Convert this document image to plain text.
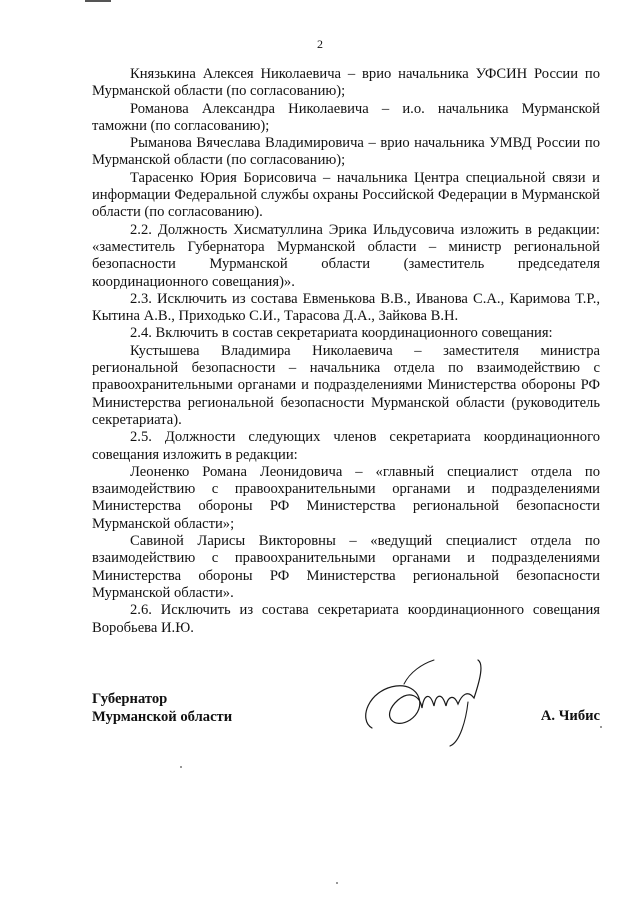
2

Князькина Алексея Николаевича – врио начальника УФСИН России по Мурманской области (по согласованию);

Романова Александра Николаевича – и.о. начальника Мурманской таможни (по согласованию);

Рыманова Вячеслава Владимировича – врио начальника УМВД России по Мурманской области (по согласованию);

Тарасенко Юрия Борисовича – начальника Центра специальной связи и информации Федеральной службы охраны Российской Федерации в Мурманской области (по согласованию).

2.2. Должность Хисматуллина Эрика Ильдусовича изложить в редакции: «заместитель Губернатора Мурманской области – министр региональной безопасности Мурманской области (заместитель председателя координационного совещания)».

2.3. Исключить из состава Евменькова В.В., Иванова С.А., Каримова Т.Р., Кытина А.В., Приходько С.И., Тарасова Д.А., Зайкова В.Н.

2.4. Включить в состав секретариата координационного совещания:

Кустышева Владимира Николаевича – заместителя министра региональной безопасности – начальника отдела по взаимодействию с правоохранительными органами и подразделениями Министерства обороны РФ Министерства региональной безопасности Мурманской области (руководитель секретариата).

2.5. Должности следующих членов секретариата координационного совещания изложить в редакции:

Леоненко Романа Леонидовича – «главный специалист отдела по взаимодействию с правоохранительными органами и подразделениями Министерства обороны РФ Министерства региональной безопасности Мурманской области»;

Савиной Ларисы Викторовны – «ведущий специалист отдела по взаимодействию с правоохранительными органами и подразделениями Министерства обороны РФ Министерства региональной безопасности Мурманской области».

2.6. Исключить из состава секретариата координационного совещания Воробьева И.Ю.

Губернатор
Мурманской области	А. Чибис
